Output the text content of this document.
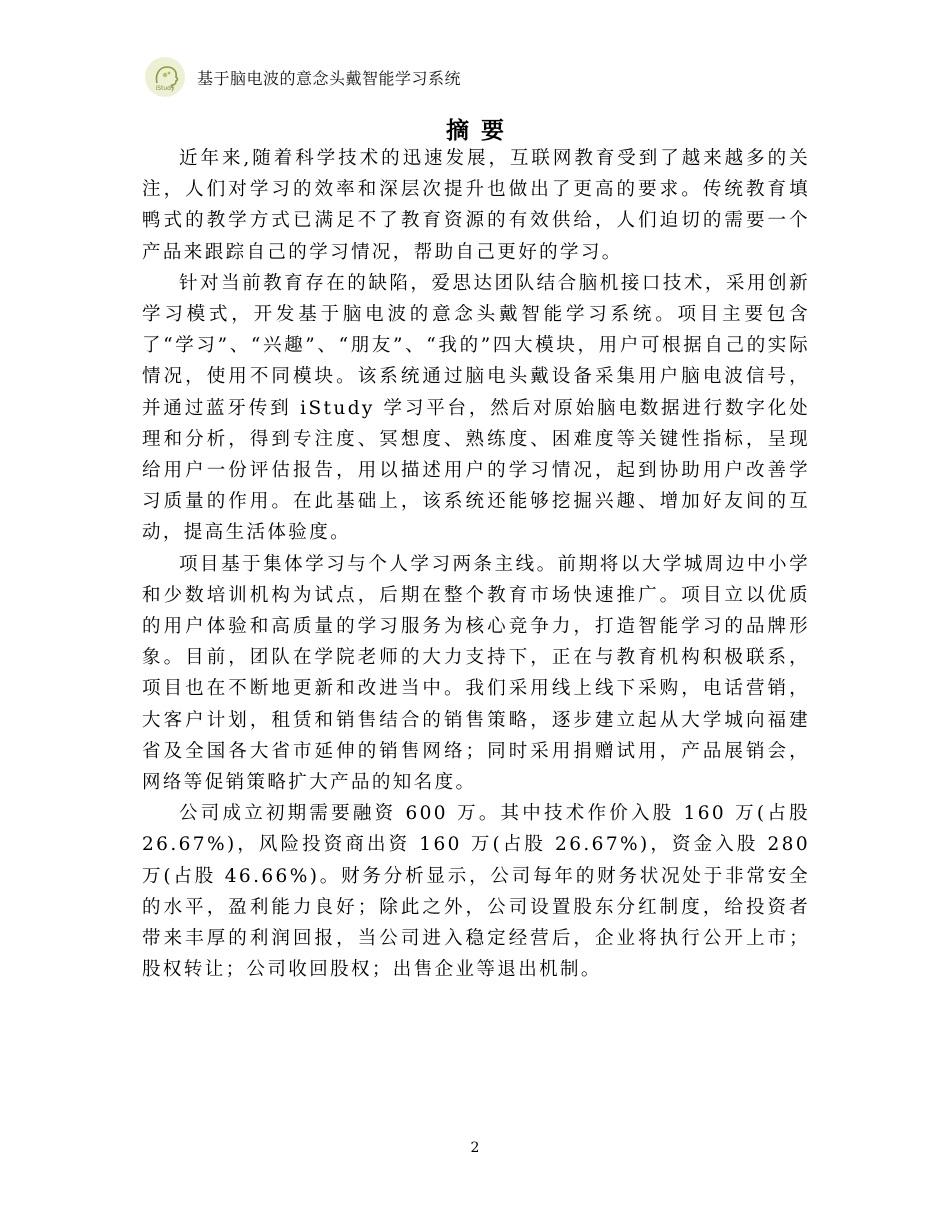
iStudy
基于脑电波的意念头戴智能学习系统
摘要

近年来,随着科学技术的迅速发展，互联网教育受到了越来越多的关注，人们对学习的效率和深层次提升也做出了更高的要求。传统教育填鸭式的教学方式已满足不了教育资源的有效供给，人们迫切的需要一个产品来跟踪自己的学习情况，帮助自己更好的学习。

针对当前教育存在的缺陷，爱思达团队结合脑机接口技术，采用创新学习模式，开发基于脑电波的意念头戴智能学习系统。项目主要包含了“学习”、“兴趣”、“朋友”、“我的”四大模块，用户可根据自己的实际情况，使用不同模块。该系统通过脑电头戴设备采集用户脑电波信号，并通过蓝牙传到 iStudy 学习平台，然后对原始脑电数据进行数字化处理和分析，得到专注度、冥想度、熟练度、困难度等关键性指标，呈现给用户一份评估报告，用以描述用户的学习情况，起到协助用户改善学习质量的作用。在此基础上，该系统还能够挖掘兴趣、增加好友间的互动，提高生活体验度。

项目基于集体学习与个人学习两条主线。前期将以大学城周边中小学和少数培训机构为试点，后期在整个教育市场快速推广。项目立以优质的用户体验和高质量的学习服务为核心竞争力，打造智能学习的品牌形象。目前，团队在学院老师的大力支持下，正在与教育机构积极联系，项目也在不断地更新和改进当中。我们采用线上线下采购，电话营销，大客户计划，租赁和销售结合的销售策略，逐步建立起从大学城向福建省及全国各大省市延伸的销售网络；同时采用捐赠试用，产品展销会，网络等促销策略扩大产品的知名度。

公司成立初期需要融资 600 万。其中技术作价入股 160 万(占股 26.67%)，风险投资商出资 160 万(占股 26.67%)，资金入股 280 万(占股 46.66%)。财务分析显示，公司每年的财务状况处于非常安全的水平，盈利能力良好；除此之外，公司设置股东分红制度，给投资者带来丰厚的利润回报，当公司进入稳定经营后，企业将执行公开上市；股权转让；公司收回股权；出售企业等退出机制。

2
